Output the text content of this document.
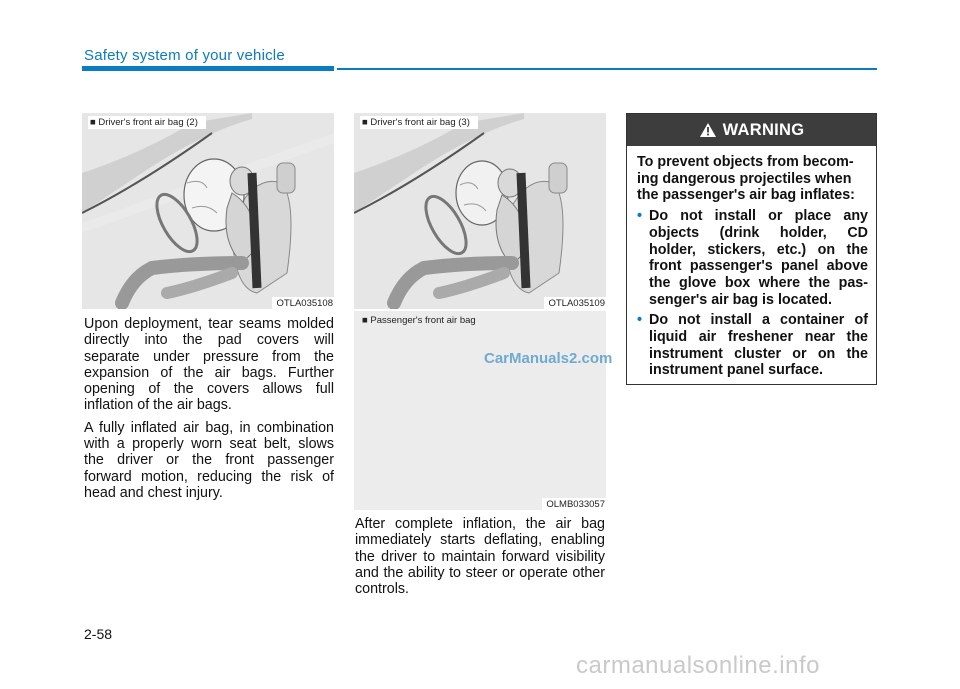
Safety system of your vehicle
■ Driver's front air bag (2)
OTLA035108
■ Driver's front air bag (3)
OTLA035109
■ Passenger's front air bag
OLMB033057

Upon deployment, tear seams molded directly into the pad covers will separate under pressure from the expansion of the air bags. Further opening of the covers allows full inflation of the air bags.

A fully inflated air bag, in combination with a properly worn seat belt, slows the driver or the front passenger forward motion, reducing the risk of head and chest injury.

After complete inflation, the air bag immediately starts deflating, enabling the driver to maintain forward visibility and the ability to steer or operate other controls.

WARNING
To prevent objects from becoming dangerous projectiles when the passenger's air bag inflates:
• Do not install or place any objects (drink holder, CD holder, stickers, etc.) on the front passenger's panel above the glove box where the passenger's air bag is located.
• Do not install a container of liquid air freshener near the instrument cluster or on the instrument panel surface.
CarManuals2.com
carmanualsonline.info
2-58
